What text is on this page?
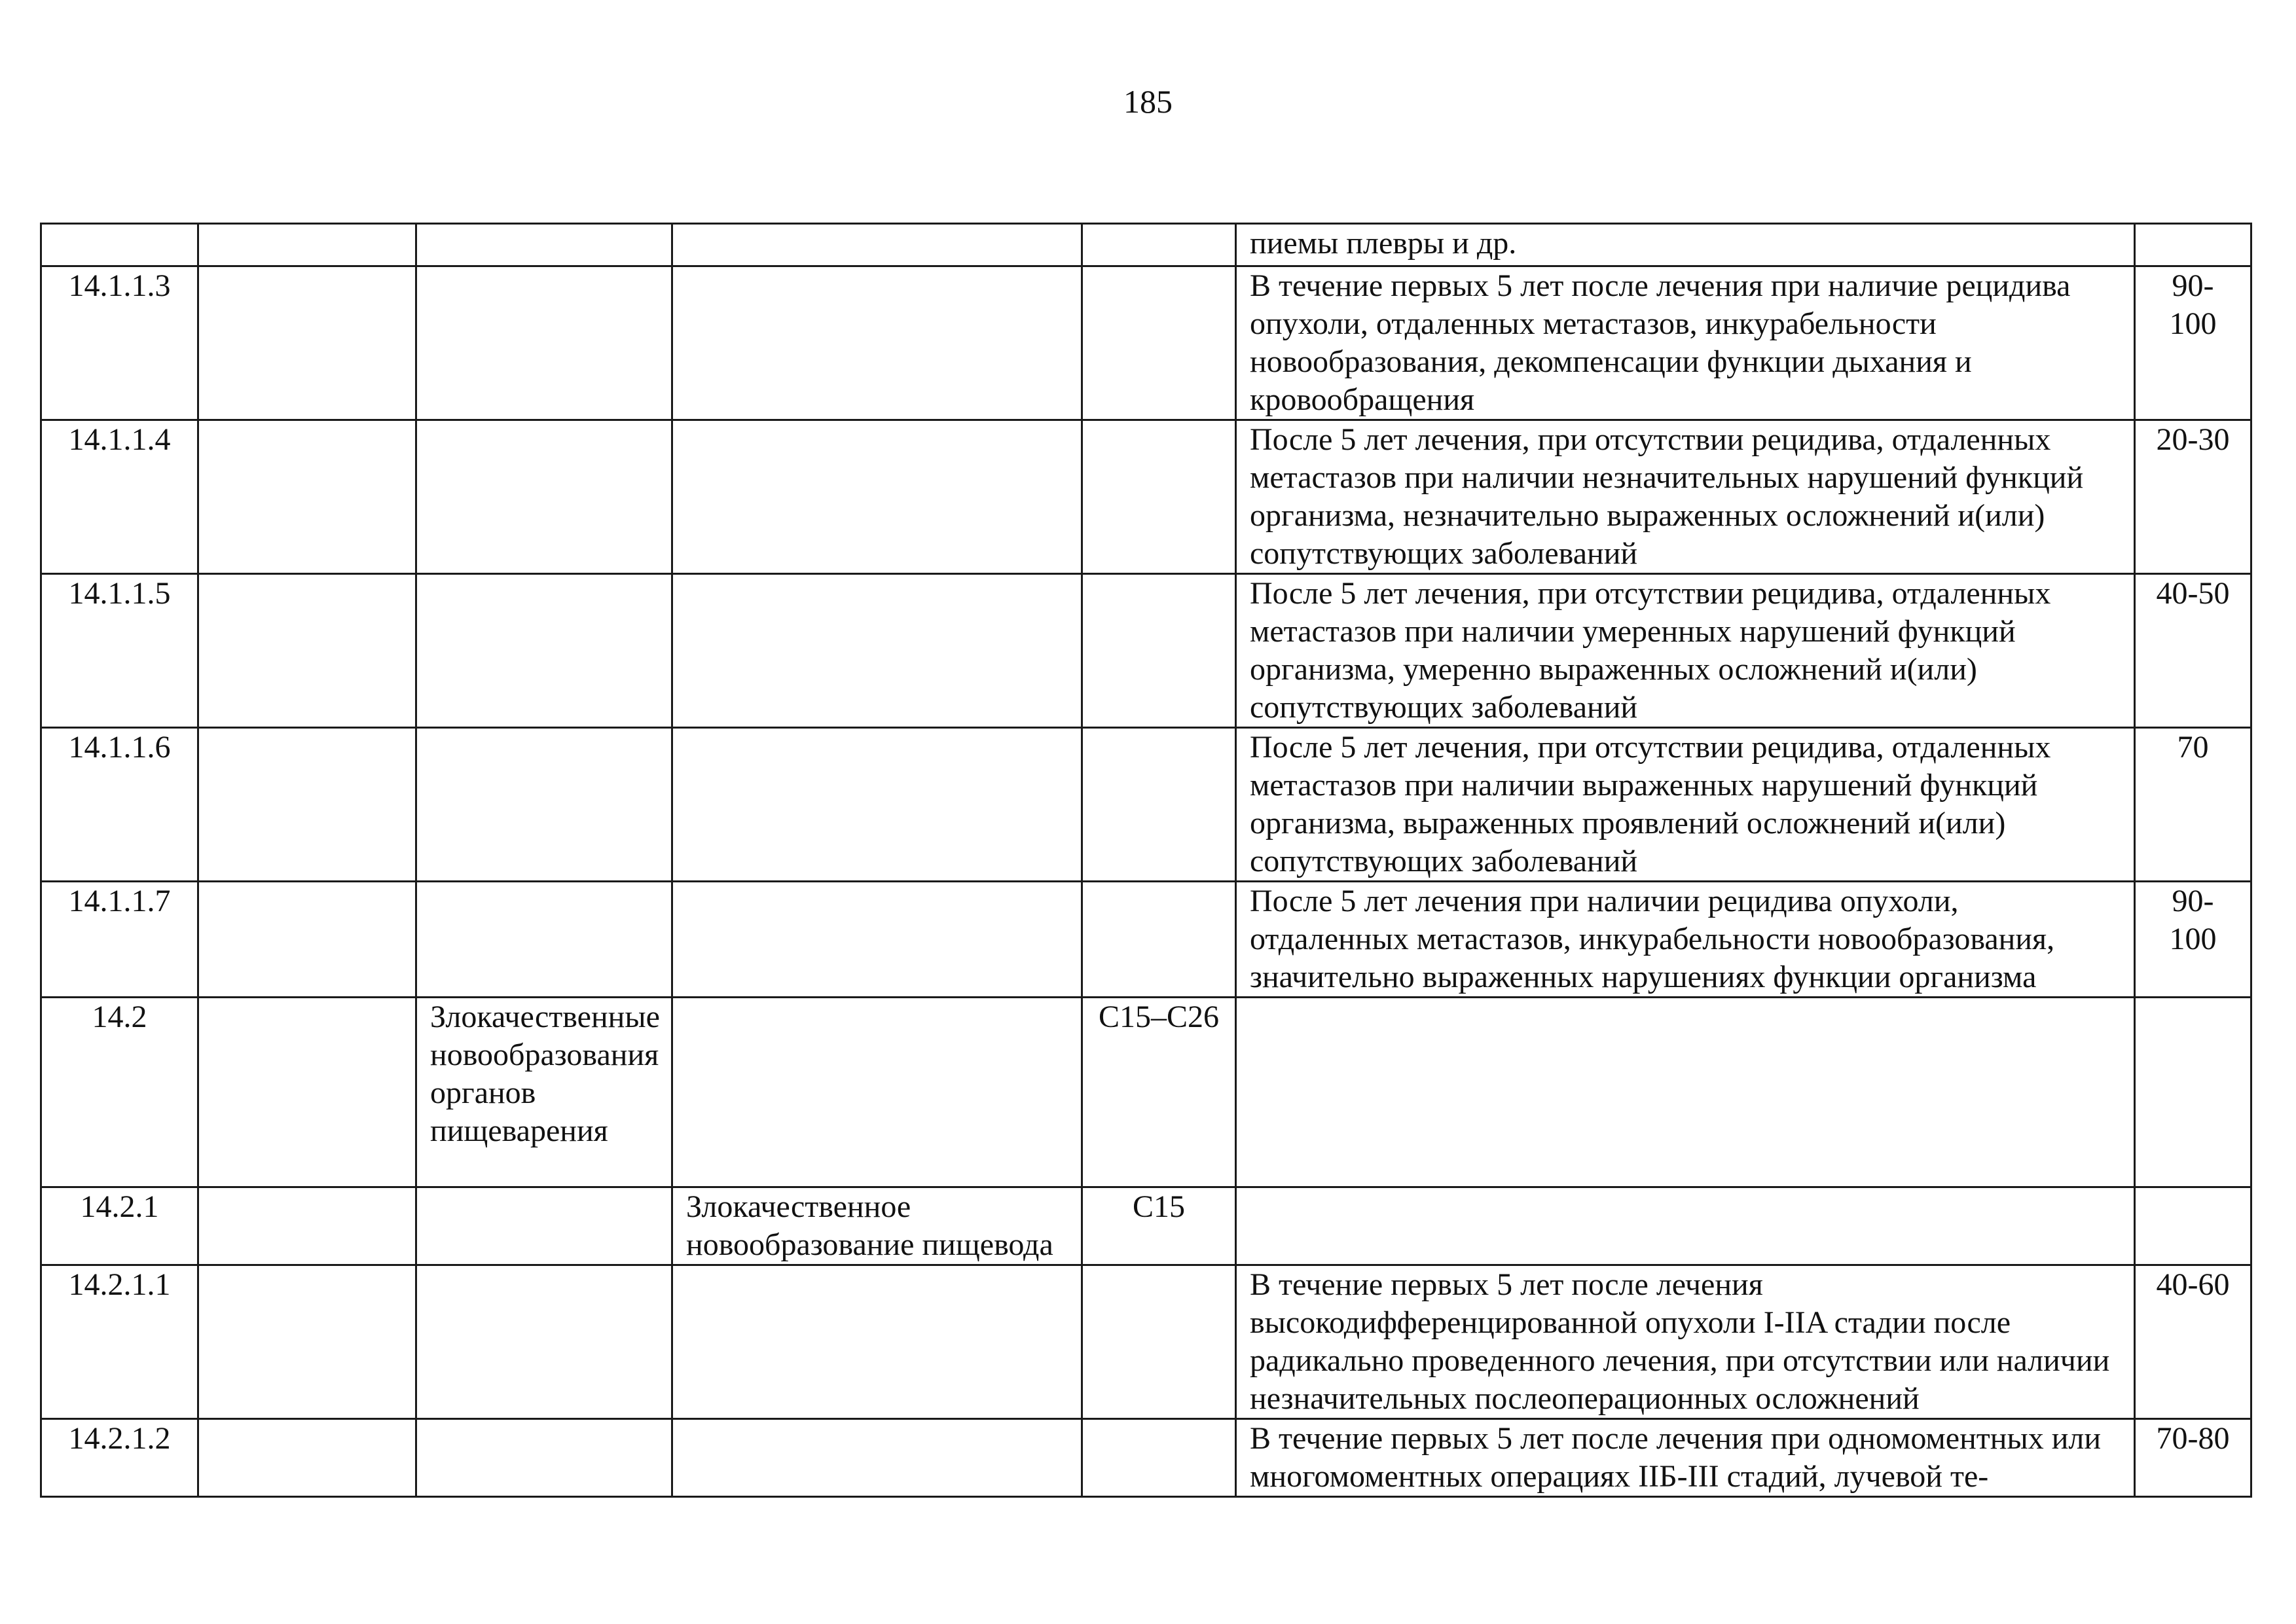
185
					пиемы плевры и др.	
14.1.1.3					В течение первых 5 лет после лечения при наличие рецидива опухоли, отдаленных метастазов, инкурабельности новообразования, декомпенсации функции дыхания и кровообращения	90-100
14.1.1.4					После 5 лет лечения, при отсутствии рецидива, отдаленных метастазов при наличии незначительных нарушений функций организма, незначительно выраженных осложнений и(или) сопутствующих заболеваний	20-30
14.1.1.5					После 5 лет лечения, при отсутствии рецидива, отдаленных метастазов при наличии умеренных нарушений функций организма, умеренно выраженных осложнений и(или) сопутствующих заболеваний	40-50
14.1.1.6					После 5 лет лечения, при отсутствии рецидива, отдаленных метастазов при наличии выраженных нарушений функций организма, выраженных проявлений осложнений и(или) сопутствующих заболеваний	70
14.1.1.7					После 5 лет лечения при наличии рецидива опухоли, отдаленных метастазов, инкурабельности новообразования, значительно выраженных нарушениях функции организма	90-100
14.2		Злокачественные новообразования органов пищеварения		C15–C26		
14.2.1			Злокачественное новообразование пищевода	C15		
14.2.1.1					В течение первых 5 лет после лечения высокодифференцированной опухоли I-IIA стадии после радикально проведенного лечения, при отсутствии или наличии незначительных послеоперационных осложнений	40-60
14.2.1.2					В течение первых 5 лет после лечения при одномоментных или многомоментных операциях IIБ-III стадий, лучевой те-	70-80
